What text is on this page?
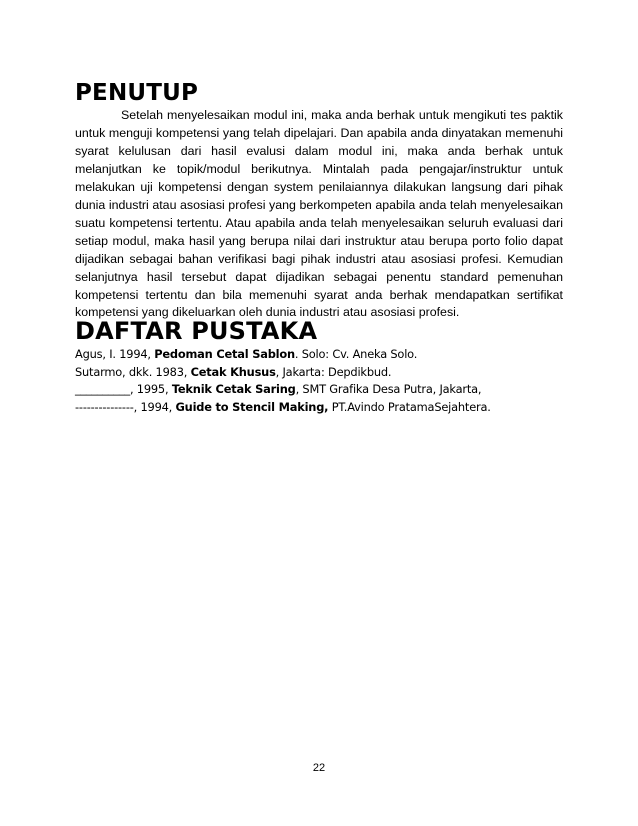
PENUTUP

Setelah menyelesaikan modul ini, maka anda berhak untuk mengikuti tes paktik untuk menguji kompetensi yang telah dipelajari. Dan apabila anda dinyatakan memenuhi syarat kelulusan dari hasil evalusi dalam modul ini, maka anda berhak untuk melanjutkan ke topik/modul berikutnya. Mintalah pada pengajar/instruktur untuk melakukan uji kompetensi dengan system penilaiannya dilakukan langsung dari pihak dunia industri atau asosiasi profesi yang berkompeten apabila anda telah menyelesaikan suatu kompetensi tertentu. Atau apabila anda telah menyelesaikan seluruh evaluasi dari setiap modul, maka hasil yang berupa nilai dari instruktur atau berupa porto folio dapat dijadikan sebagai bahan verifikasi bagi pihak industri atau asosiasi profesi. Kemudian selanjutnya hasil tersebut dapat dijadikan sebagai penentu standard pemenuhan kompetensi tertentu dan bila memenuhi syarat anda berhak mendapatkan sertifikat kompetensi yang dikeluarkan oleh dunia industri atau asosiasi profesi.

DAFTAR PUSTAKA
Agus, I. 1994, Pedoman Cetal Sablon. Solo: Cv. Aneka Solo.
Sutarmo, dkk. 1983, Cetak Khusus, Jakarta: Depdikbud.
__________, 1995, Teknik Cetak Saring, SMT Grafika Desa Putra, Jakarta,
---------------, 1994, Guide to Stencil Making, PT.Avindo PratamaSejahtera.
22
